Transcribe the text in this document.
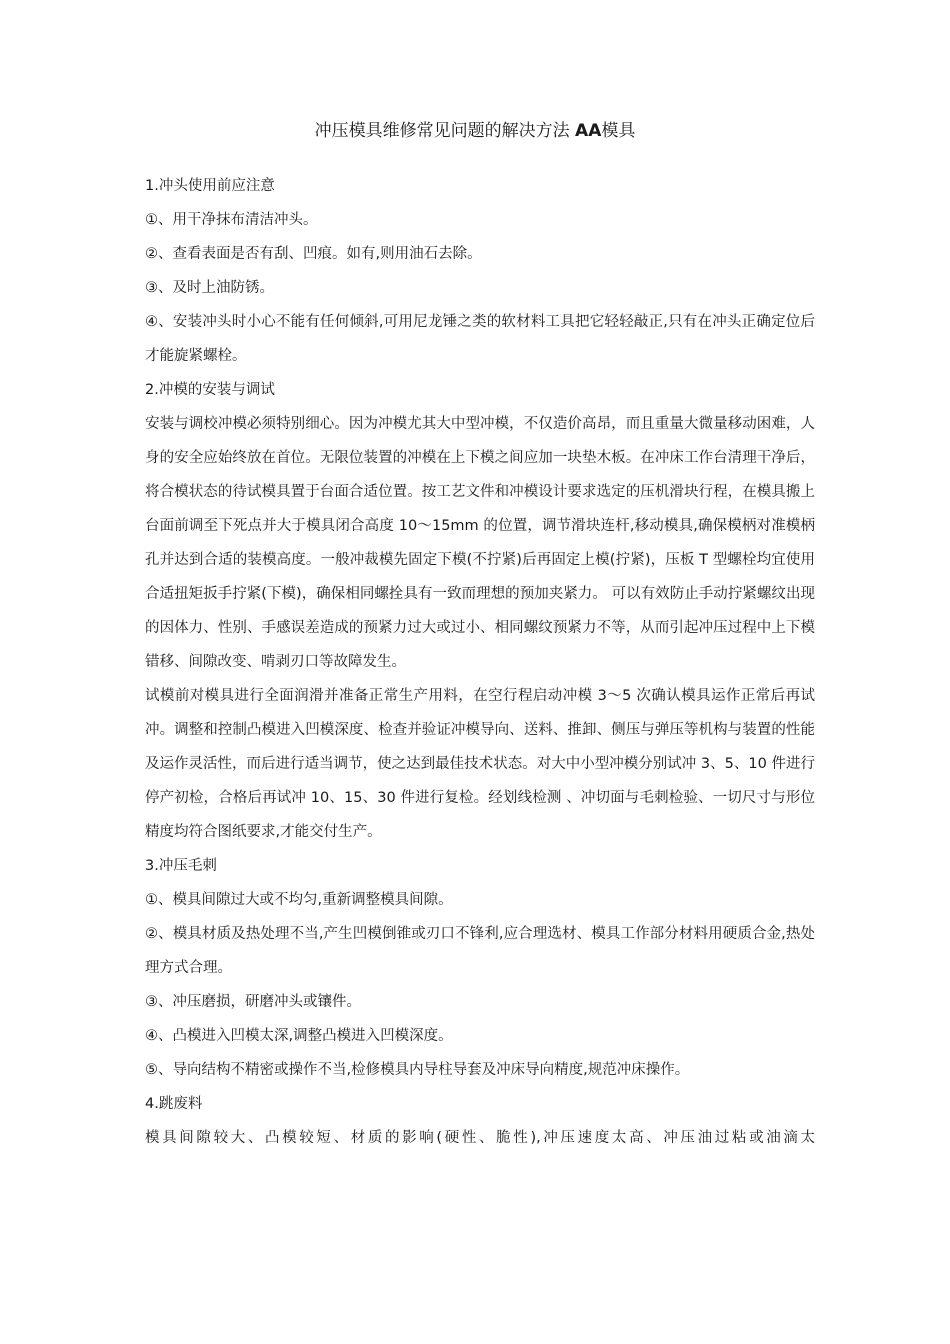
冲压模具维修常见问题的解决方法 AA模具

1.冲头使用前应注意

①、用干净抹布清洁冲头。

②、查看表面是否有刮、凹痕。如有,则用油石去除。

③、及时上油防锈。

④、安装冲头时小心不能有任何倾斜,可用尼龙锤之类的软材料工具把它轻轻敲正,只有在冲头正确定位后才能旋紧螺栓。

2.冲模的安装与调试

安装与调校冲模必须特别细心。因为冲模尤其大中型冲模，不仅造价高昂，而且重量大微量移动困难，人身的安全应始终放在首位。无限位装置的冲模在上下模之间应加一块垫木板。在冲床工作台清理干净后，将合模状态的待试模具置于台面合适位置。按工艺文件和冲模设计要求选定的压机滑块行程，在模具搬上台面前调至下死点并大于模具闭合高度 10～15mm 的位置，调节滑块连杆,移动模具,确保模柄对准模柄孔并达到合适的装模高度。一般冲裁模先固定下模(不拧紧)后再固定上模(拧紧)，压板 T 型螺栓均宜使用合适扭矩扳手拧紧(下模)，确保相同螺拴具有一致而理想的预加夹紧力。 可以有效防止手动拧紧螺纹出现的因体力、性别、手感误差造成的预紧力过大或过小、相同螺纹预紧力不等，从而引起冲压过程中上下模错移、间隙改变、啃剥刃口等故障发生。

试模前对模具进行全面润滑并准备正常生产用料，在空行程启动冲模 3～5 次确认模具运作正常后再试冲。调整和控制凸模进入凹模深度、检查并验证冲模导向、送料、推卸、侧压与弹压等机构与装置的性能及运作灵活性，而后进行适当调节，使之达到最佳技术状态。对大中小型冲模分别试冲 3、5、10 件进行停产初检，合格后再试冲 10、15、30 件进行复检。经划线检测 、冲切面与毛刺检验、一切尺寸与形位精度均符合图纸要求,才能交付生产。

3.冲压毛刺

①、模具间隙过大或不均匀,重新调整模具间隙。

②、模具材质及热处理不当,产生凹模倒锥或刃口不锋利,应合理选材、模具工作部分材料用硬质合金,热处理方式合理。

③、冲压磨损，研磨冲头或镶件。

④、凸模进入凹模太深,调整凸模进入凹模深度。

⑤、导向结构不精密或操作不当,检修模具内导柱导套及冲床导向精度,规范冲床操作。

4.跳废料

模具间隙较大、凸模较短、材质的影响(硬性、脆性),冲压速度太高、冲压油过粘或油滴太
